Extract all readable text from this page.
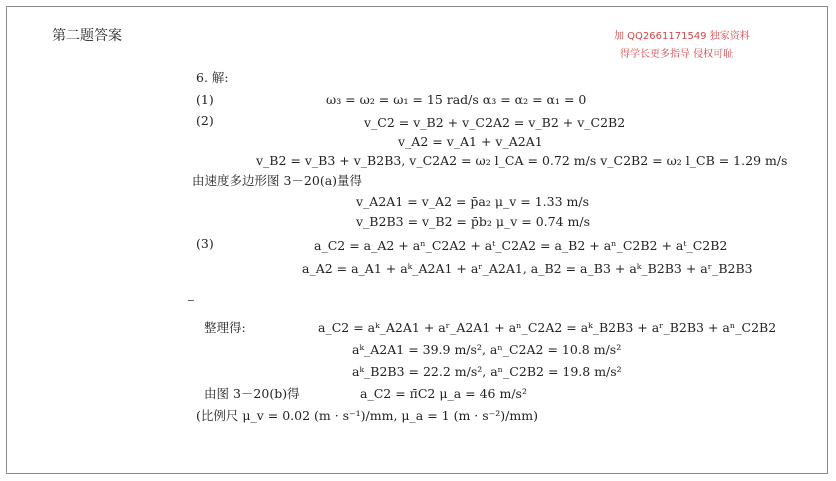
第二题答案	加 QQ2661171549 独家资料
得学长更多指导 侵权可耻
6. 解:
(1)	ω₃ = ω₂ = ω₁ = 15 rad/s α₃ = α₂ = α₁ = 0
(2)	v_C2 = v_B2 + v_C2A2 = v_B2 + v_C2B2
v_A2 = v_A1 + v_A2A1
v_B2 = v_B3 + v_B2B3, v_C2A2 = ω₂ l_CA = 0.72 m/s v_C2B2 = ω₂ l_CB = 1.29 m/s
由速度多边形图 3－20(a)量得
v_A2A1 = v_A2 = p̄a₂ μ_v = 1.33 m/s
v_B2B3 = v_B2 = p̄b₂ μ_v = 0.74 m/s
(3)	a_C2 = a_A2 + aⁿ_C2A2 + aᵗ_C2A2 = a_B2 + aⁿ_C2B2 + aᵗ_C2B2
a_A2 = a_A1 + aᵏ_A2A1 + aʳ_A2A1, a_B2 = a_B3 + aᵏ_B2B3 + aʳ_B2B3
整理得:	a_C2 = aᵏ_A2A1 + aʳ_A2A1 + aⁿ_C2A2 = aᵏ_B2B3 + aʳ_B2B3 + aⁿ_C2B2
aᵏ_A2A1 = 39.9 m/s², aⁿ_C2A2 = 10.8 m/s²
aᵏ_B2B3 = 22.2 m/s², aⁿ_C2B2 = 19.8 m/s²
由图 3－20(b)得	a_C2 = π̄C2 μ_a = 46 m/s²
(比例尺 μ_v = 0.02 (m · s⁻¹)/mm, μ_a = 1 (m · s⁻²)/mm)
